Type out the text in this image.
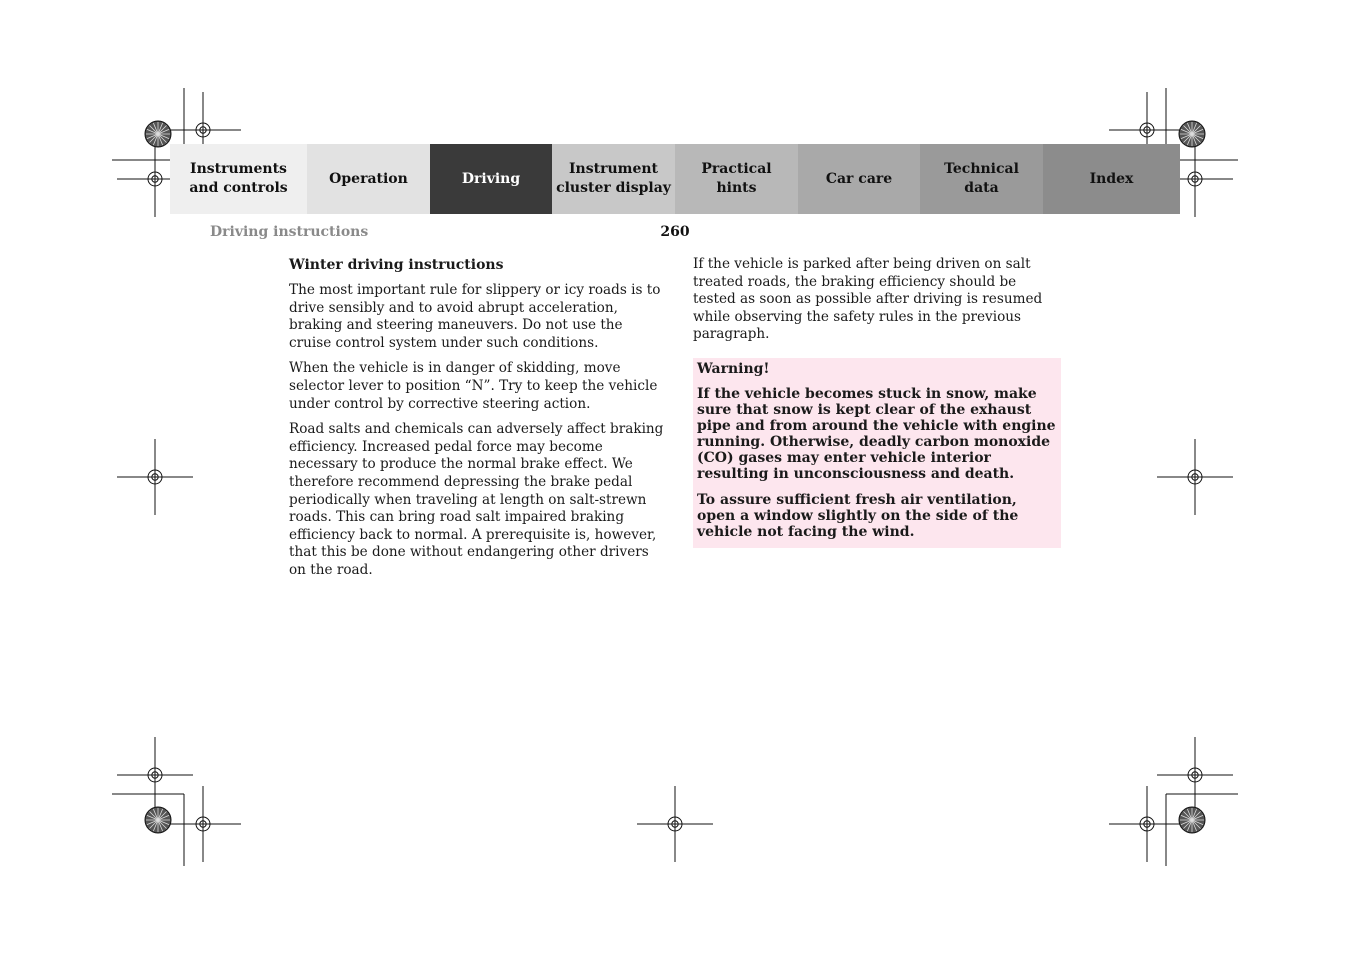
Instruments
and controls
Operation	Driving
Instrument
cluster display
Practical hints
Car care
Technical
data
Index
Driving instructions	260
Winter driving instructions

The most important rule for slippery or icy roads is to drive sensibly and to avoid abrupt acceleration, braking and steering maneuvers. Do not use the cruise control system under such conditions.

When the vehicle is in danger of skidding, move selector lever to position “N”. Try to keep the vehicle under control by corrective steering action.

Road salts and chemicals can adversely affect braking efficiency. Increased pedal force may become necessary to produce the normal brake effect. We therefore recommend depressing the brake pedal periodically when traveling at length on salt-strewn roads. This can bring road salt impaired braking efficiency back to normal. A prerequisite is, however, that this be done without endangering other drivers on the road.

If the vehicle is parked after being driven on salt treated roads, the braking efficiency should be tested as soon as possible after driving is resumed while observing the safety rules in the previous paragraph.

Warning!

If the vehicle becomes stuck in snow, make sure that snow is kept clear of the exhaust pipe and from around the vehicle with engine running. Otherwise, deadly carbon monoxide (CO) gases may enter vehicle interior resulting in unconsciousness and death.

To assure sufficient fresh air ventilation, open a window slightly on the side of the vehicle not facing the wind.
